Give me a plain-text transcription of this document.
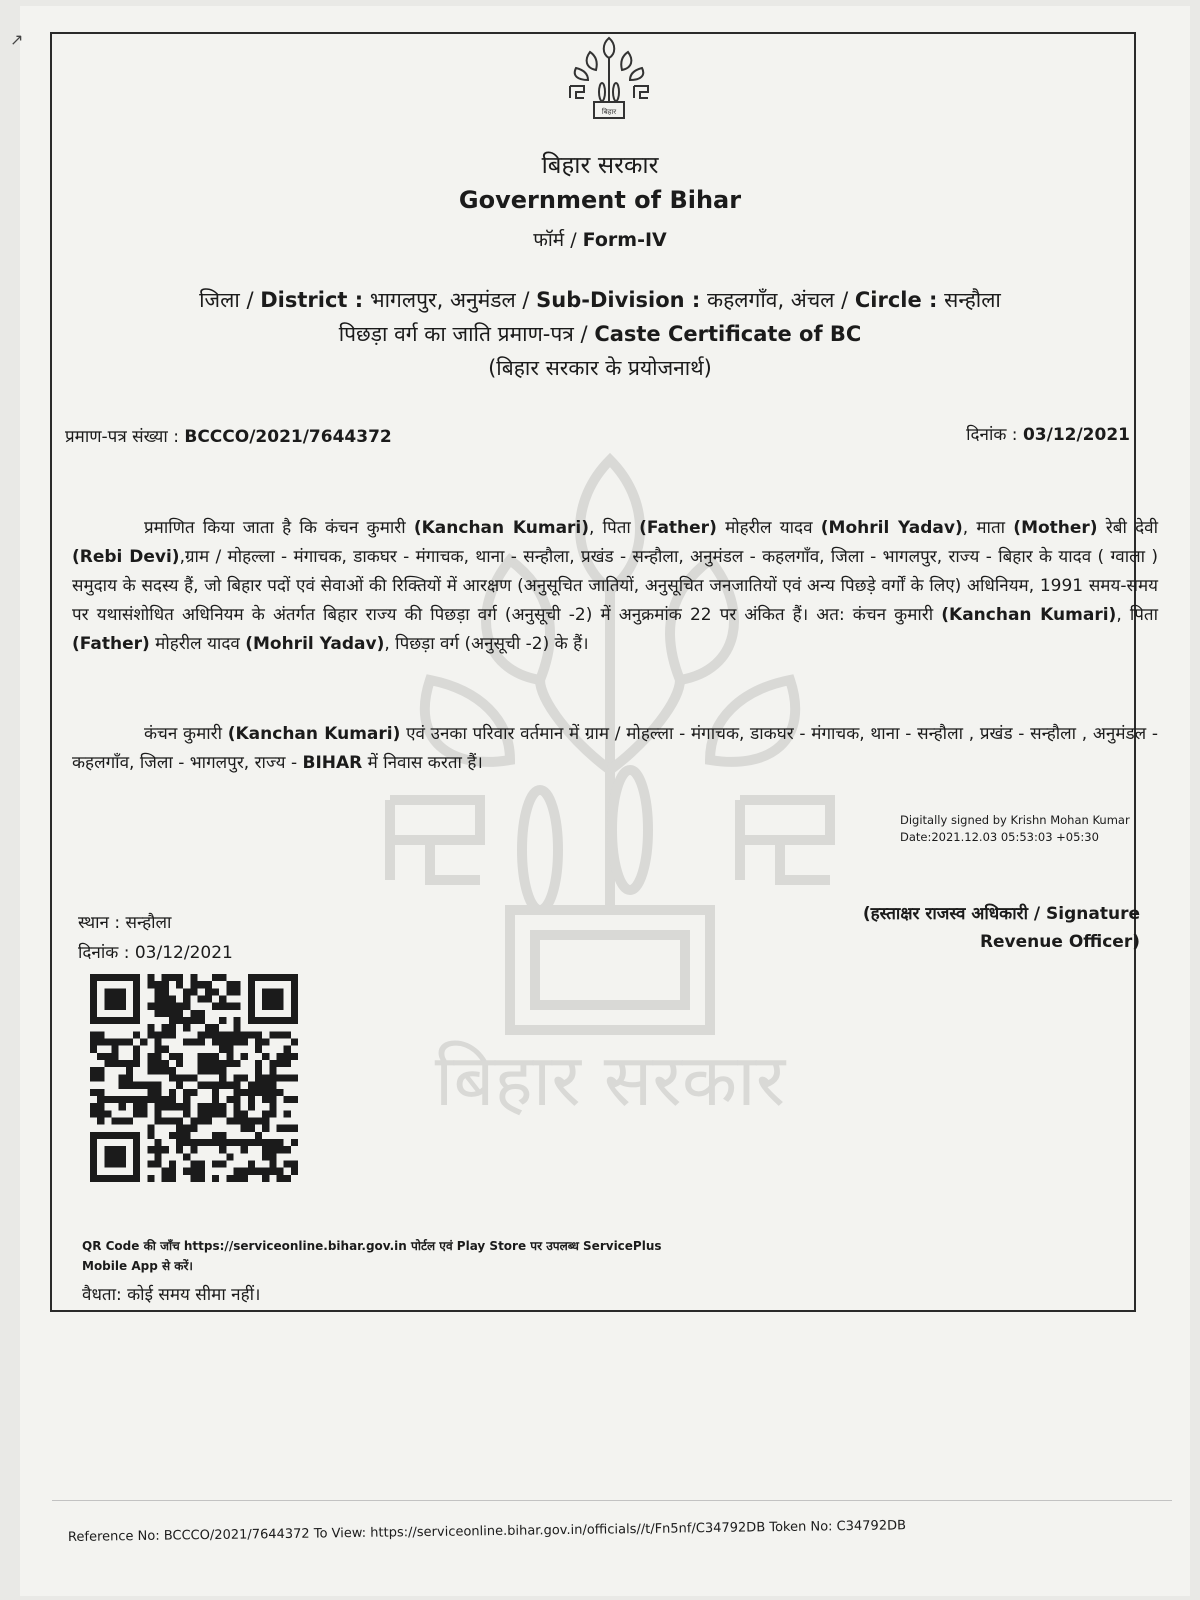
↗
बिहार
बिहार सरकार
Government of Bihar
फॉर्म / Form-IV
जिला / District : भागलपुर, अनुमंडल / Sub-Division : कहलगाँव, अंचल / Circle : सन्हौला
पिछड़ा वर्ग का जाति प्रमाण-पत्र / Caste Certificate of BC
(बिहार सरकार के प्रयोजनार्थ)
प्रमाण-पत्र संख्या : BCCCO/2021/7644372	दिनांक : 03/12/2021

प्रमाणित किया जाता है कि कंचन कुमारी (Kanchan Kumari), पिता (Father) मोहरील यादव (Mohril Yadav), माता (Mother) रेबी देवी (Rebi Devi),ग्राम / मोहल्ला - मंगाचक, डाकघर - मंगाचक, थाना - सन्हौला, प्रखंड - सन्हौला, अनुमंडल - कहलगाँव, जिला - भागलपुर, राज्य - बिहार के यादव ( ग्वाला ) समुदाय के सदस्य हैं, जो बिहार पदों एवं सेवाओं की रिक्तियों में आरक्षण (अनुसूचित जातियों, अनुसूचित जनजातियों एवं अन्य पिछड़े वर्गों के लिए) अधिनियम, 1991 समय-समय पर यथासंशोधित अधिनियम के अंतर्गत बिहार राज्य की पिछड़ा वर्ग (अनुसूची -2) में अनुक्रमांक 22 पर अंकित हैं। अत: कंचन कुमारी (Kanchan Kumari), पिता (Father) मोहरील यादव (Mohril Yadav), पिछड़ा वर्ग (अनुसूची -2) के हैं।

कंचन कुमारी (Kanchan Kumari) एवं उनका परिवार वर्तमान में ग्राम / मोहल्ला - मंगाचक, डाकघर - मंगाचक, थाना - सन्हौला , प्रखंड - सन्हौला , अनुमंडल - कहलगाँव, जिला - भागलपुर, राज्य - BIHAR में निवास करता हैं।

Digitally signed by Krishn Mohan Kumar
Date:2021.12.03 05:53:03 +05:30
(हस्ताक्षर राजस्व अधिकारी / Signature
Revenue Officer)
स्थान : सन्हौला
दिनांक : 03/12/2021
QR Code की जाँच https://serviceonline.bihar.gov.in पोर्टल एवं Play Store पर उपलब्ध ServicePlus
Mobile App से करें।
वैधता: कोई समय सीमा नहीं।
Reference No: BCCCO/2021/7644372 To View: https://serviceonline.bihar.gov.in/officials//t/Fn5nf/C34792DB Token No: C34792DB
